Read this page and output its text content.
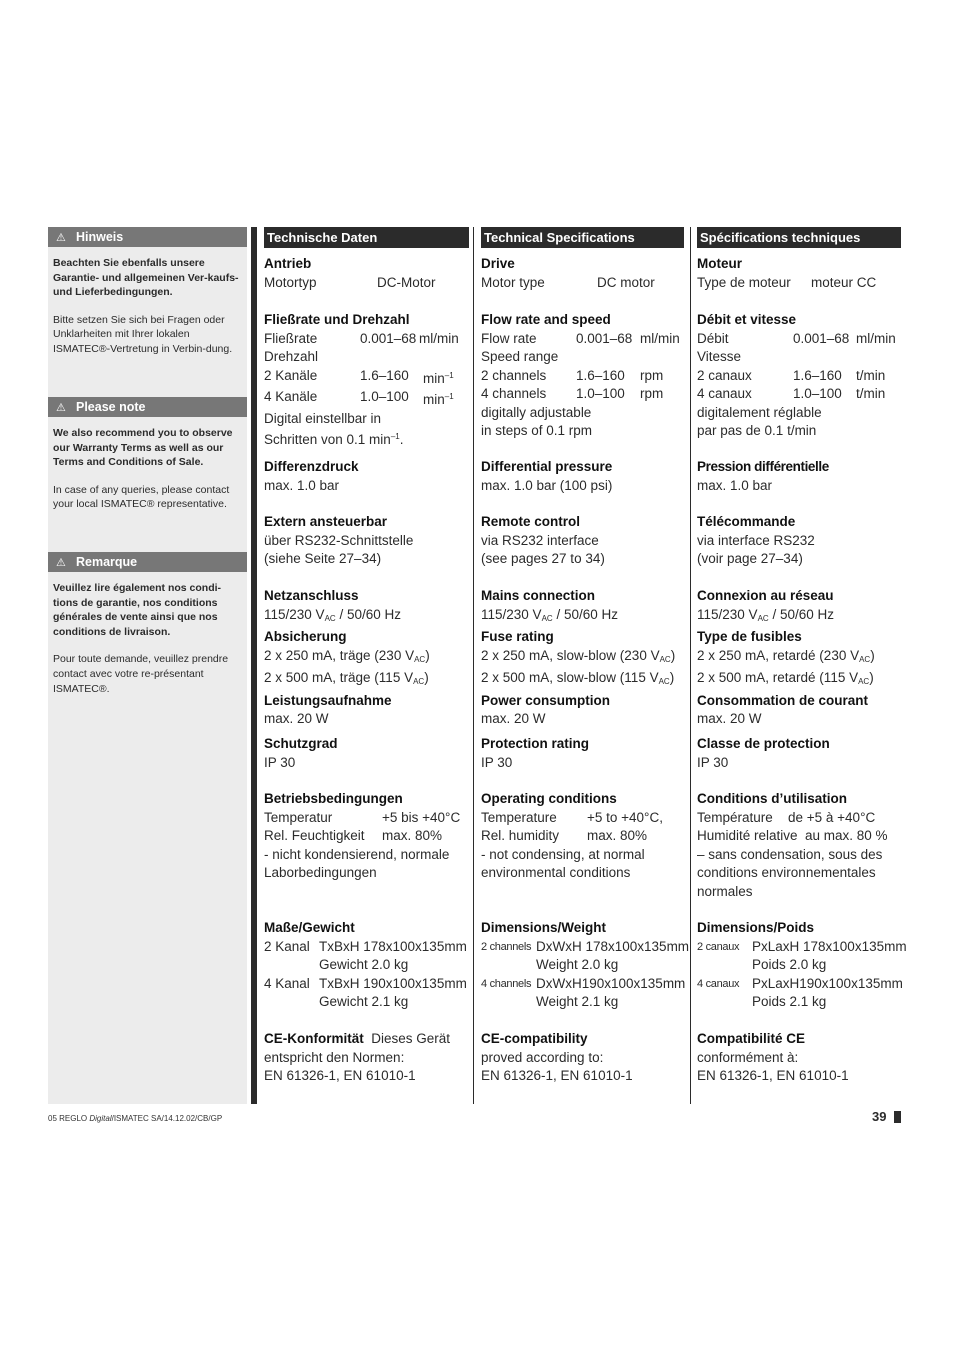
⚠ Hinweis

Beachten Sie ebenfalls unsere Garantie- und allgemeinen Ver-kaufs- und Lieferbedingungen.

Bitte setzen Sie sich bei Fragen oder Unklarheiten mit Ihrer lokalen ISMATEC®-Vertretung in Verbin-dung.

⚠ Please note

We also recommend you to observe our Warranty Terms as well as our Terms and Conditions of Sale.

In case of any queries, please contact your local ISMATEC® representative.

⚠ Remarque

Veuillez lire également nos condi-tions de garantie, nos conditions générales de vente ainsi que nos conditions de livraison.

Pour toute demande, veuillez prendre contact avec votre re-présentant ISMATEC®.

Technische Daten
Antrieb
Motortyp	DC-Motor
Fließrate und Drehzahl
Fließrate	0.001–68 ml/min
Drehzahl
2 Kanäle	1.6–160	$\min^{-1}$
4 Kanäle	1.0–100	$\min^{-1}$
Digital einstellbar in
Schritten von 0.1 $\min^{-1}$.
Differenzdruck
max. 1.0 bar
Extern ansteuerbar
über RS232-Schnittstelle
(siehe Seite 27–34)
Netzanschluss
115/230 $V_{AC} / 50/60$ Hz
Absicherung
2 x 250 mA, träge (230 $V_{AC}$)
2 x 500 mA, träge (115 $V_{AC}$)
Leistungsaufnahme
max. 20 W
Schutzgrad
IP 30
Betriebsbedingungen
Temperatur	+5 bis +40°C
Rel. Feuchtigkeit	max. 80%
- nicht kondensierend, normale
Laborbedingungen
Maße/Gewicht
2 Kanal TxBxH 178x100x135mm
Gewicht 2.0 kg
4 Kanal TxBxH 190x100x135mm
Gewicht 2.1 kg
CE-Konformität Dieses Gerät
entspricht den Normen:
EN 61326-1, EN 61010-1
Technical Specifications
Drive
Motor type	DC motor
Flow rate and speed
Flow rate	0.001–68 ml/min
Speed range
2 channels	1.6–160	rpm
4 channels	1.0–100	rpm
digitally adjustable
in steps of 0.1 rpm
Differential pressure
max. 1.0 bar (100 psi)
Remote control
via RS232 interface
(see pages 27 to 34)
Mains connection
115/230 $V_{AC} / 50/60$ Hz
Fuse rating
2 x 250 mA, slow-blow (230 $V_{AC}$)
2 x 500 mA, slow-blow (115 $V_{AC}$)
Power consumption
max. 20 W
Protection rating
IP 30
Operating conditions
Temperature	+5 to +40°C,
Rel. humidity	max. 80%
- not condensing, at normal
environmental conditions
Dimensions/Weight
2 channels DxWxH 178x100x135mm
Weight 2.0 kg
4 channels DxWxH190x100x135mm
Weight 2.1 kg
CE-compatibility
proved according to:
EN 61326-1, EN 61010-1
Spécifications techniques
Moteur
Type de moteur	moteur CC
Débit et vitesse
Débit	0.001–68 ml/min
Vitesse
2 canaux	1.6–160	t/min
4 canaux	1.0–100	t/min
digitalement réglable
par pas de 0.1 t/min
Pression différentielle
max. 1.0 bar
Télécommande
via interface RS232
(voir page 27–34)
Connexion au réseau
115/230 $V_{AC} / 50/60$ Hz
Type de fusibles
2 x 250 mA, retardé (230 $V_{AC}$)
2 x 500 mA, retardé (115 $V_{AC}$)
Consommation de courant
max. 20 W
Classe de protection
IP 30
Conditions d’utilisation
Température	de +5 à +40°C
Humidité relative au max. 80 %
– sans condensation, sous des
conditions environnementales
normales
Dimensions/Poids
2 canaux PxLaxH 178x100x135mm
Poids 2.0 kg
4 canaux PxLaxH190x100x135mm
Poids 2.1 kg
Compatibilité CE
conformément à:
EN 61326-1, EN 61010-1
05 REGLO Digital/ISMATEC SA/14.12.02/CB/GP	39
